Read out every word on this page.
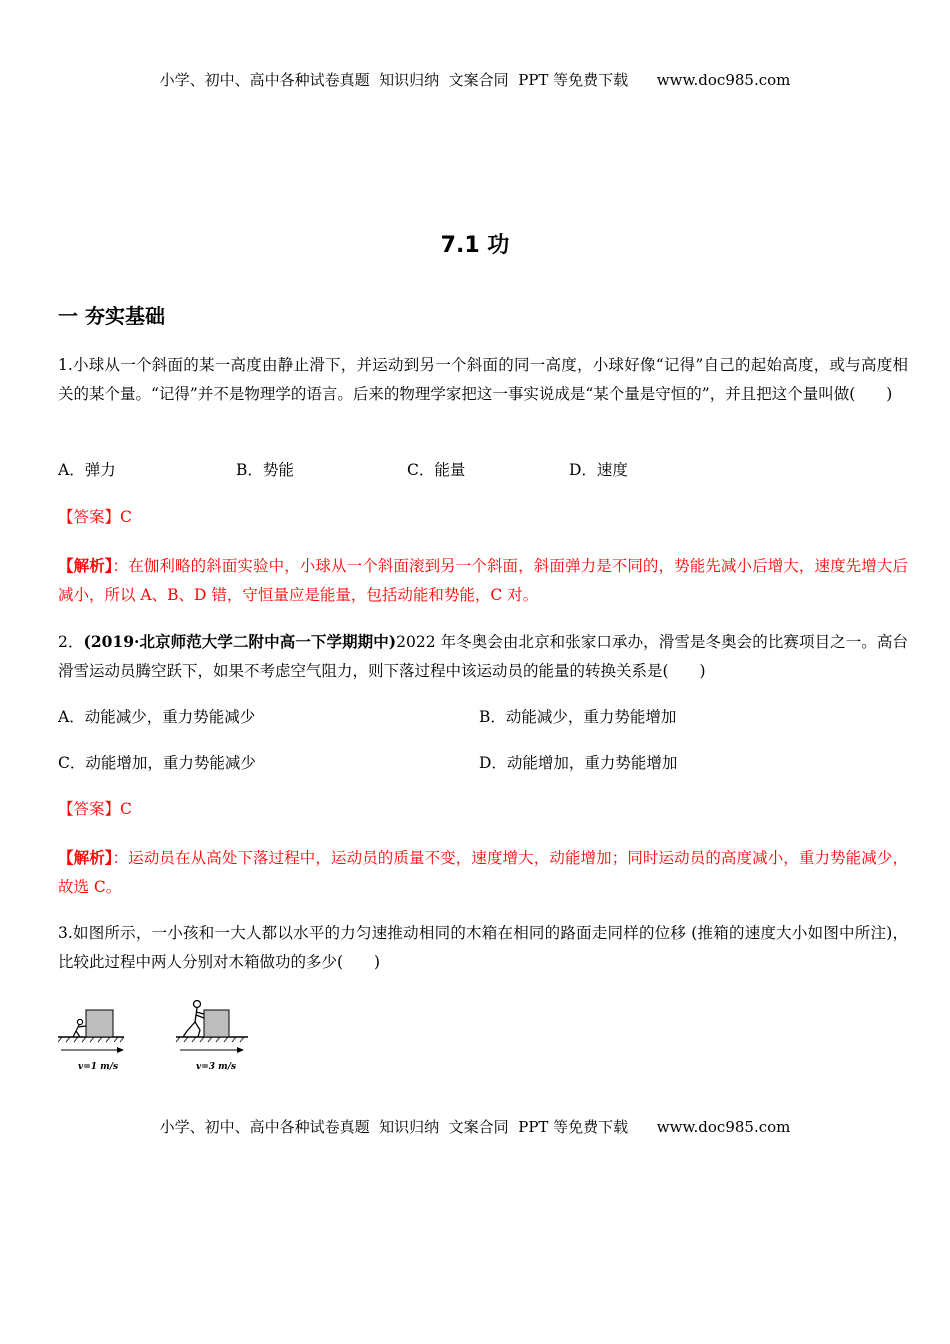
小学、初中、高中各种试卷真题  知识归纳  文案合同  PPT 等免费下载      www.doc985.com
7.1 功
一 夯实基础
1.小球从一个斜面的某一高度由静止滑下，并运动到另一个斜面的同一高度，小球好像“记得”自己的起始高度，或与高度相关的某个量。“记得”并不是物理学的语言。后来的物理学家把这一事实说成是“某个量是守恒的”，并且把这个量叫做(　　)
A．弹力	B．势能	C．能量	D．速度
【答案】C
【解析】：在伽利略的斜面实验中，小球从一个斜面滚到另一个斜面，斜面弹力是不同的，势能先减小后增大，速度先增大后减小，所以 A、B、D 错，守恒量应是能量，包括动能和势能，C 对。
2．(2019·北京师范大学二附中高一下学期期中)2022 年冬奥会由北京和张家口承办，滑雪是冬奥会的比赛项目之一。高台滑雪运动员腾空跃下，如果不考虑空气阻力，则下落过程中该运动员的能量的转换关系是(　　)
A．动能减少，重力势能减少	B．动能减少，重力势能增加
C．动能增加，重力势能减少	D．动能增加，重力势能增加
【答案】C
【解析】：运动员在从高处下落过程中，运动员的质量不变，速度增大，动能增加；同时运动员的高度减小，重力势能减少，故选 C。
3.如图所示，一小孩和一大人都以水平的力匀速推动相同的木箱在相同的路面走同样的位移 (推箱的速度大小如图中所注)，比较此过程中两人分别对木箱做功的多少(　　)
v=1 m/s	v=3 m/s
小学、初中、高中各种试卷真题  知识归纳  文案合同  PPT 等免费下载      www.doc985.com
